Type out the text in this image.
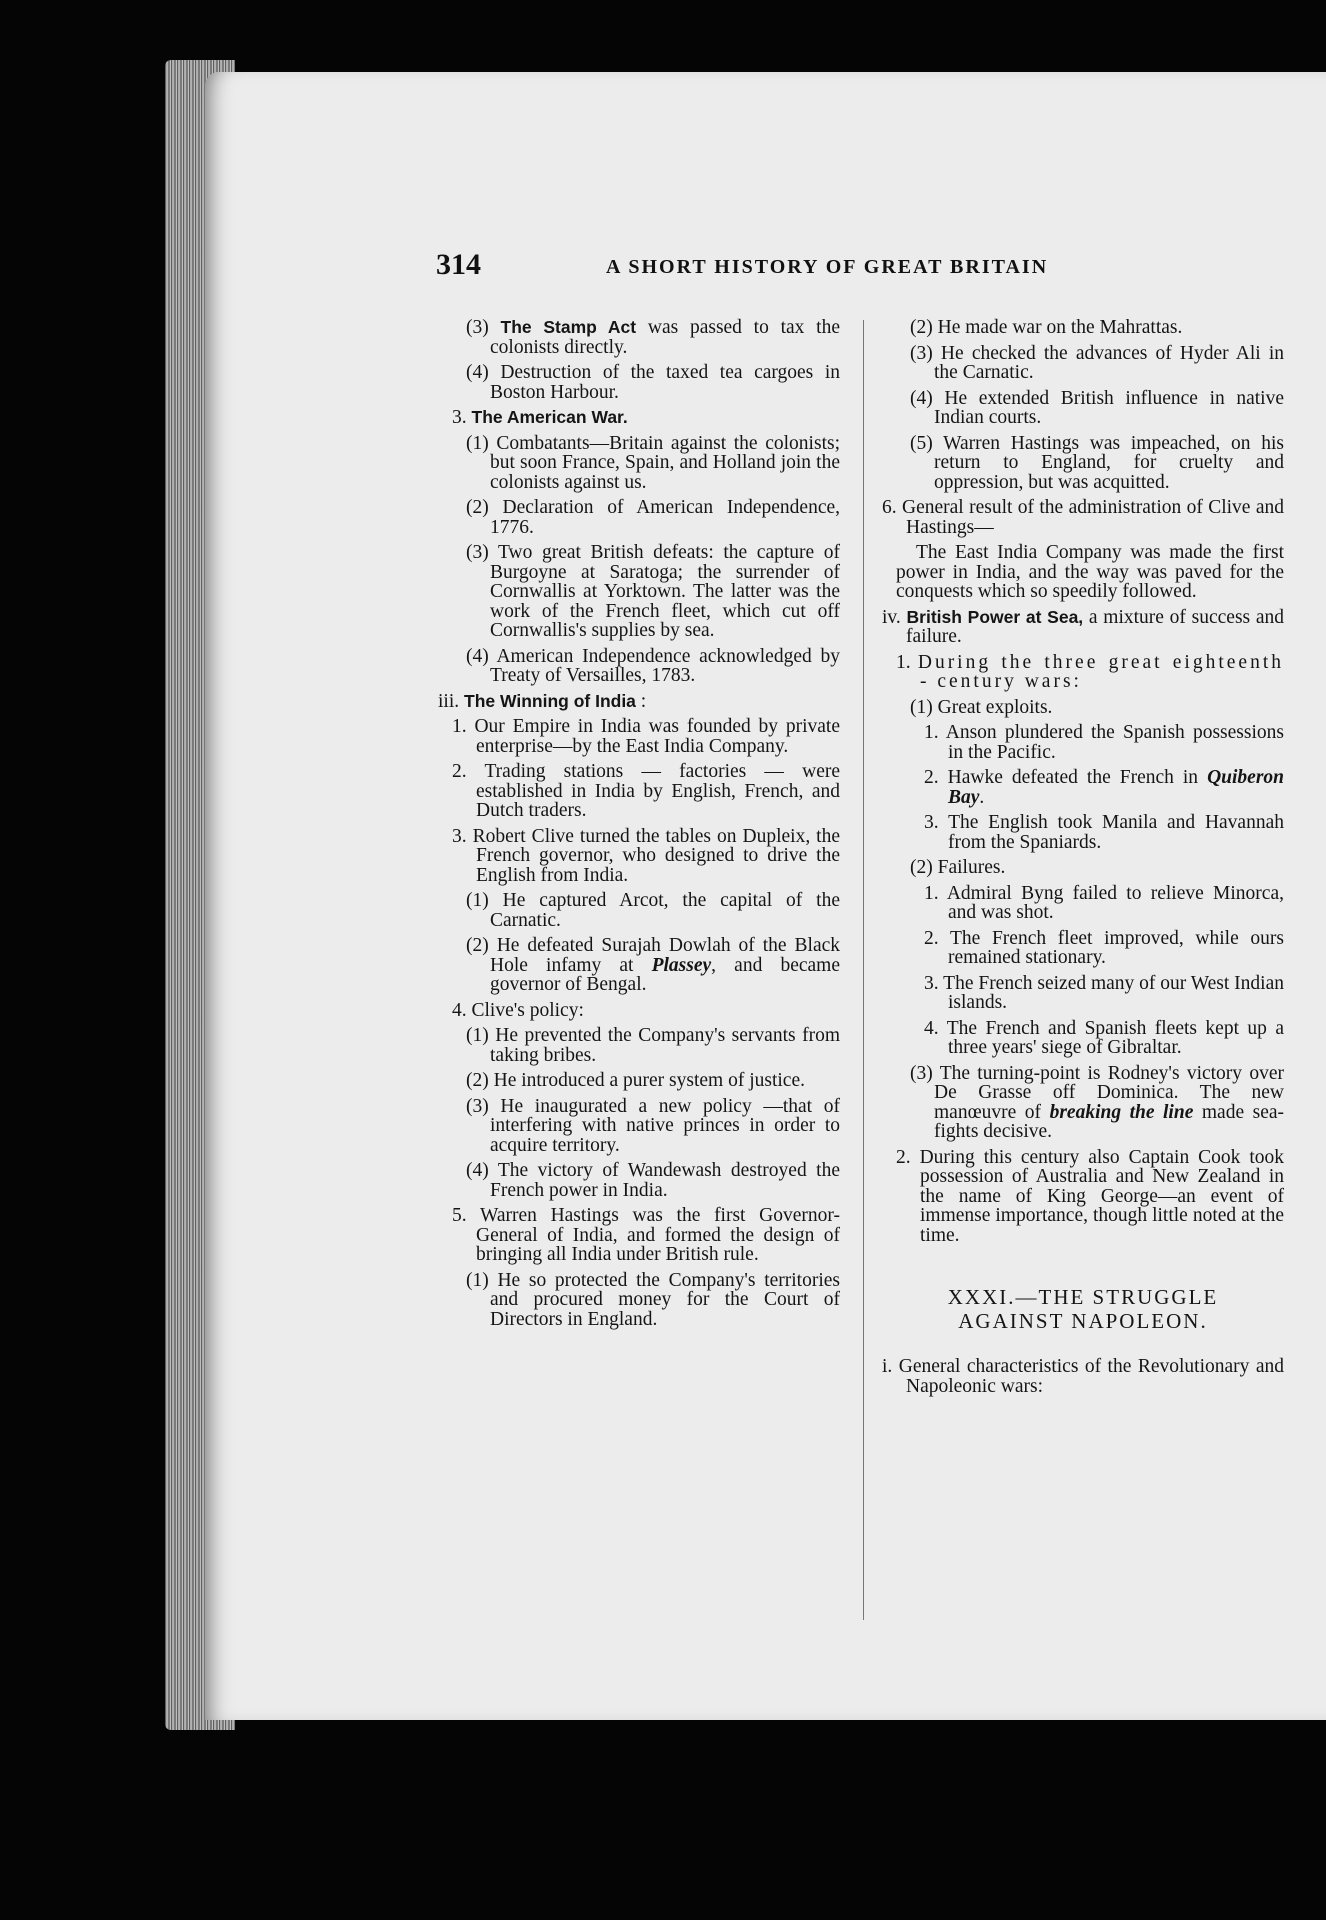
314	A SHORT HISTORY OF GREAT BRITAIN
(3) The Stamp Act was passed to tax the colonists directly.
(4) Destruction of the taxed tea cargoes in Boston Harbour.
3. The American War.
(1) Combatants—Britain against the colonists; but soon France, Spain, and Holland join the colonists against us.
(2) Declaration of American Independence, 1776.
(3) Two great British defeats: the capture of Burgoyne at Saratoga; the surrender of Cornwallis at Yorktown. The latter was the work of the French fleet, which cut off Cornwallis's supplies by sea.
(4) American Independence acknowledged by Treaty of Versailles, 1783.
iii. The Winning of India :
1. Our Empire in India was founded by private enterprise—by the East India Company.
2. Trading stations — factories — were established in India by English, French, and Dutch traders.
3. Robert Clive turned the tables on Dupleix, the French governor, who designed to drive the English from India.
(1) He captured Arcot, the capital of the Carnatic.
(2) He defeated Surajah Dowlah of the Black Hole infamy at Plassey, and became governor of Bengal.
4. Clive's policy:
(1) He prevented the Company's servants from taking bribes.
(2) He introduced a purer system of justice.
(3) He inaugurated a new policy —that of interfering with native princes in order to acquire territory.
(4) The victory of Wandewash destroyed the French power in India.
5. Warren Hastings was the first Governor-General of India, and formed the design of bringing all India under British rule.
(1) He so protected the Company's territories and procured money for the Court of Directors in England.
(2) He made war on the Mahrattas.
(3) He checked the advances of Hyder Ali in the Carnatic.
(4) He extended British influence in native Indian courts.
(5) Warren Hastings was impeached, on his return to England, for cruelty and oppression, but was acquitted.
6. General result of the administration of Clive and Hastings—
The East India Company was made the first power in India, and the way was paved for the conquests which so speedily followed.
iv. British Power at Sea, a mixture of success and failure.
1. During the three great eighteenth - century wars:
(1) Great exploits.
1. Anson plundered the Spanish possessions in the Pacific.
2. Hawke defeated the French in Quiberon Bay.
3. The English took Manila and Havannah from the Spaniards.
(2) Failures.
1. Admiral Byng failed to relieve Minorca, and was shot.
2. The French fleet improved, while ours remained stationary.
3. The French seized many of our West Indian islands.
4. The French and Spanish fleets kept up a three years' siege of Gibraltar.
(3) The turning-point is Rodney's victory over De Grasse off Dominica. The new manœuvre of breaking the line made sea-fights decisive.
2. During this century also Captain Cook took possession of Australia and New Zealand in the name of King George—an event of immense importance, though little noted at the time.
XXXI.—THE STRUGGLE
AGAINST NAPOLEON.
i. General characteristics of the Revolutionary and Napoleonic wars:
